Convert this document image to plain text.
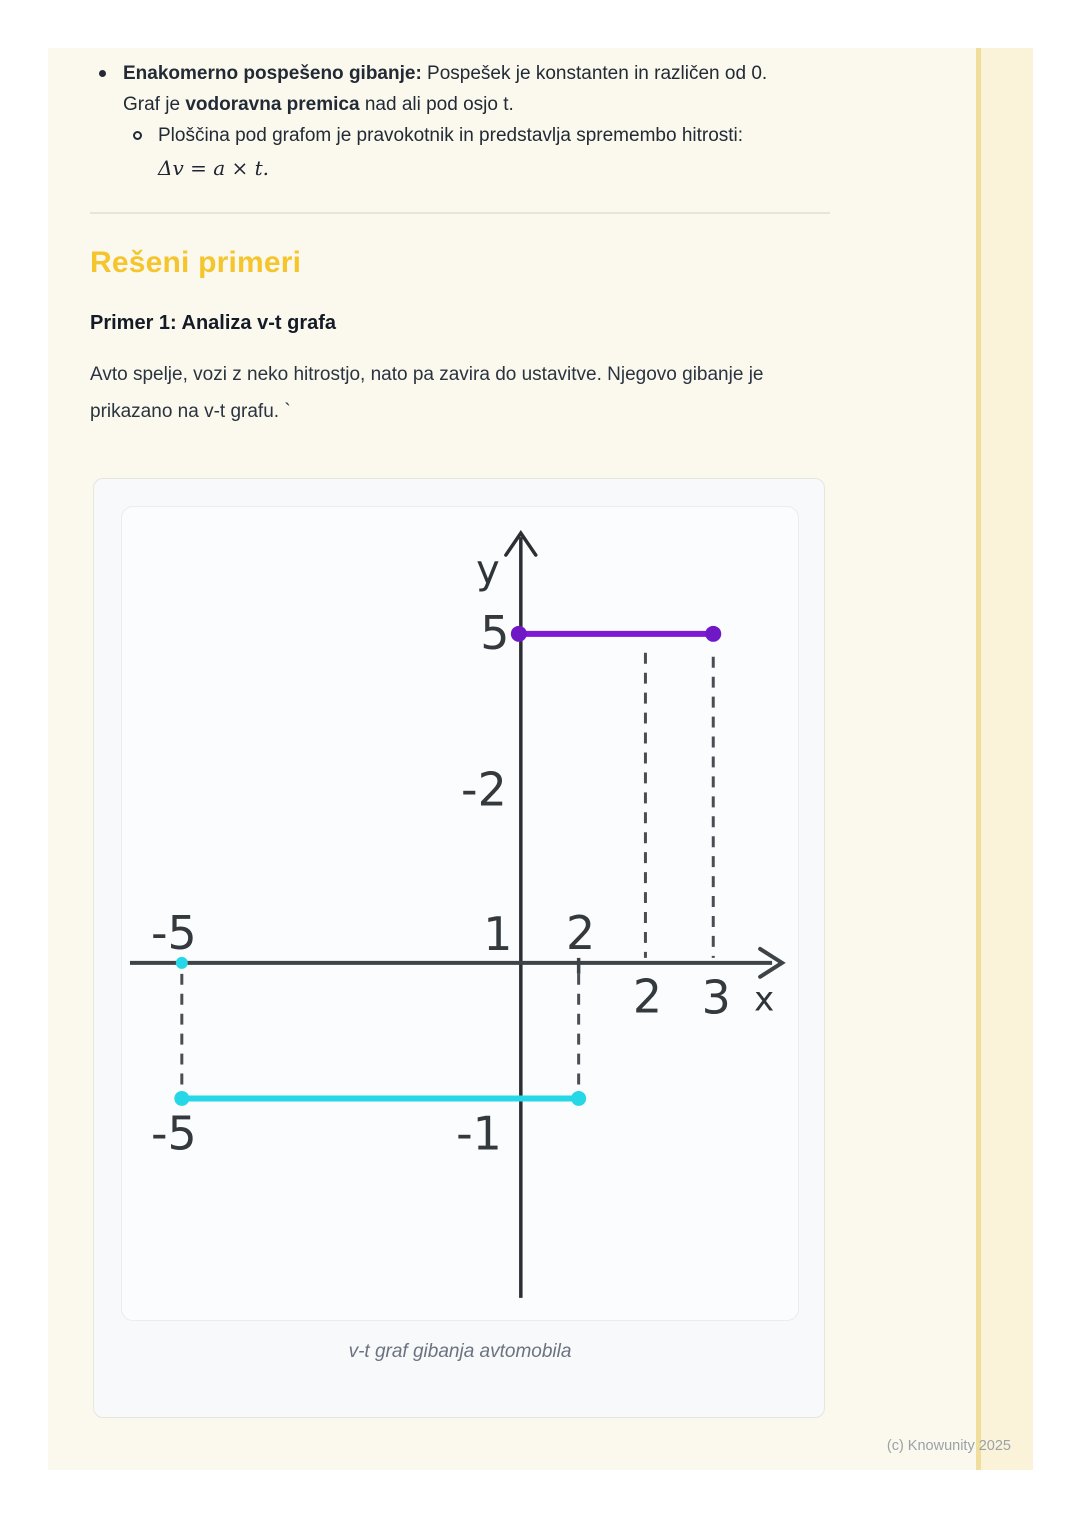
Enakomerno pospešeno gibanje: Pospešek je konstanten in različen od 0.
Graf je vodoravna premica nad ali pod osjo t.
Ploščina pod grafom je pravokotnik in predstavlja spremembo hitrosti:
Δv = a × t.
Rešeni primeri
Primer 1: Analiza v-t grafa
Avto spelje, vozi z neko hitrostjo, nato pa zavira do ustavitve. Njegovo gibanje je prikazano na v-t grafu. `
y
x
5
-2
1 2
-5
2 3
-5	-1
v-t graf gibanja avtomobila
(c) Knowunity 2025
